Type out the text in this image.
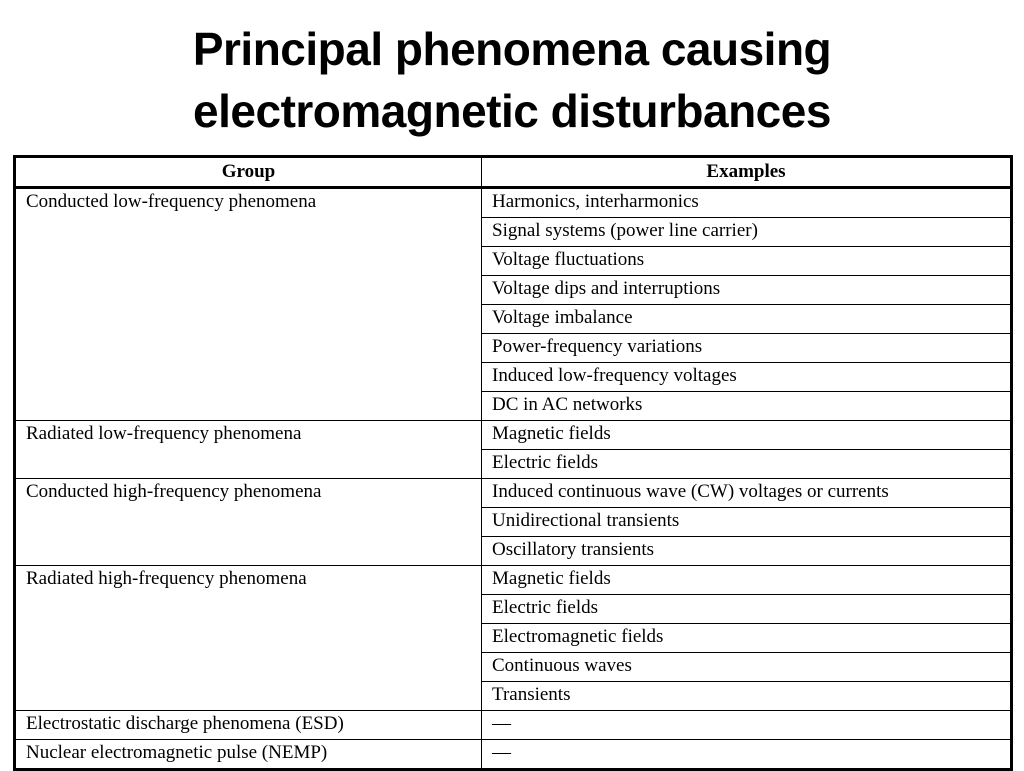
Principal phenomena causing
electromagnetic disturbances
Group	Examples
Conducted low-frequency phenomena	Harmonics, interharmonics
	Signal systems (power line carrier)
	Voltage fluctuations
	Voltage dips and interruptions
	Voltage imbalance
	Power-frequency variations
	Induced low-frequency voltages
	DC in AC networks
Radiated low-frequency phenomena	Magnetic fields
	Electric fields
Conducted high-frequency phenomena	Induced continuous wave (CW) voltages or currents
	Unidirectional transients
	Oscillatory transients
Radiated high-frequency phenomena	Magnetic fields
	Electric fields
	Electromagnetic fields
	Continuous waves
	Transients
Electrostatic discharge phenomena (ESD)	—
Nuclear electromagnetic pulse (NEMP)	—
